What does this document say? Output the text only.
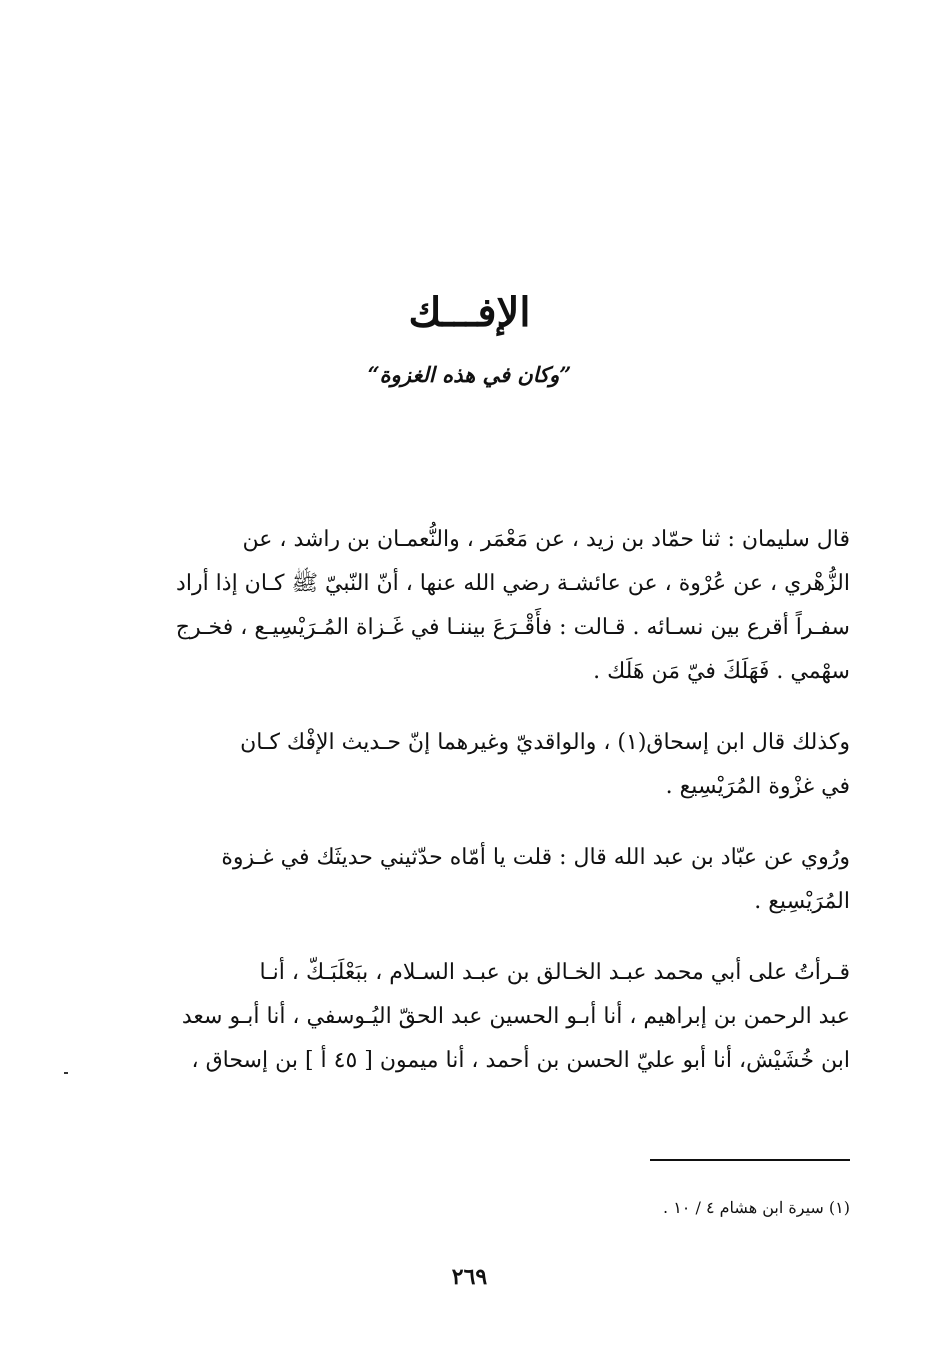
الإفـــك
”وكان في هذه الغزوة“

قال سليمان : ثنا حمّاد بن زيد ، عن مَعْمَر ، والنُّعمـان بن راشد ، عن

الزُّهْري ، عن عُرْوة ، عن عائشـة رضي الله عنها ، أنّ النّبيّ ﷺ كـان إذا أراد

سفـراً أقرع بين نسـائه . قـالت : فأَقْـرَعَ بيننـا في غَـزاة المُـرَيْسِيـع ، فخـرج

سهْمي . فَهَلَكَ فيّ مَن هَلَك .

وكذلك قال ابن إسحاق(١) ، والواقديّ وغيرهما إنّ حـديث الإفْك كـان

في غزْوة المُرَيْسِيع .

ورُوي عن عبّاد بن عبد الله قال : قلت يا أمّاه حدّثيني حديثَك في غـزوة

المُرَيْسِيع .

قـرأتُ على أبي محمد عبـد الخـالق بن عبـد السـلام ، ببَعْلَبَـكّ ، أنـا

عبد الرحمن بن إبراهيم ، أنا أبـو الحسين عبد الحقّ اليُـوسفي ، أنا أبـو سعد

ابن خُشَيْش، أنا أبو عليّ الحسن بن أحمد ، أنا ميمون [ ٤٥ أ ] بن إسحاق ،

(١) سيرة ابن هشام ٤ / ١٠ .
٢٦٩
